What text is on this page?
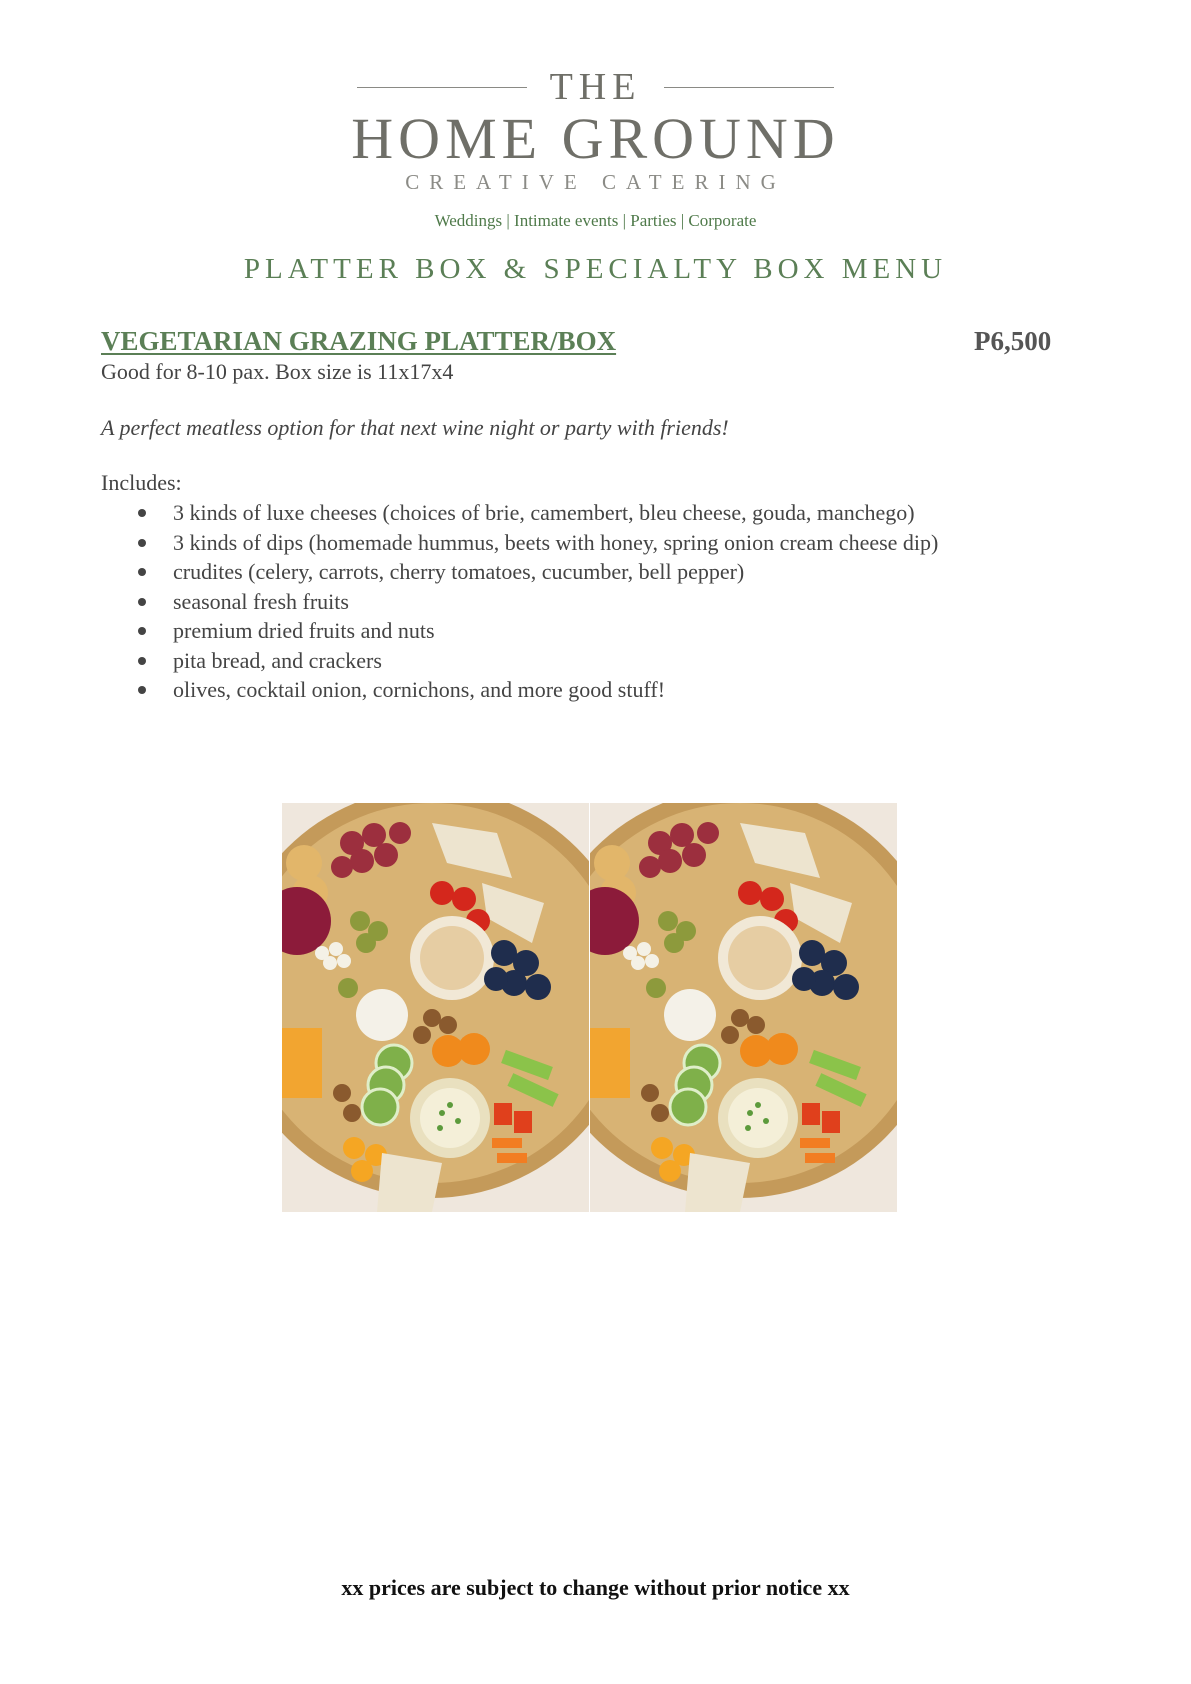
THE
HOME GROUND
CREATIVE CATERING
Weddings | Intimate events | Parties | Corporate
PLATTER BOX & SPECIALTY BOX MENU
VEGETARIAN GRAZING PLATTER/BOX	P6,500
Good for 8-10 pax. Box size is 11x17x4
A perfect meatless option for that next wine night or party with friends!
Includes:
3 kinds of luxe cheeses (choices of brie, camembert, bleu cheese, gouda, manchego)
3 kinds of dips (homemade hummus, beets with honey, spring onion cream cheese dip)
crudites (celery, carrots, cherry tomatoes, cucumber, bell pepper)
seasonal fresh fruits
premium dried fruits and nuts
pita bread, and crackers
olives, cocktail onion, cornichons, and more good stuff!
xx prices are subject to change without prior notice xx
